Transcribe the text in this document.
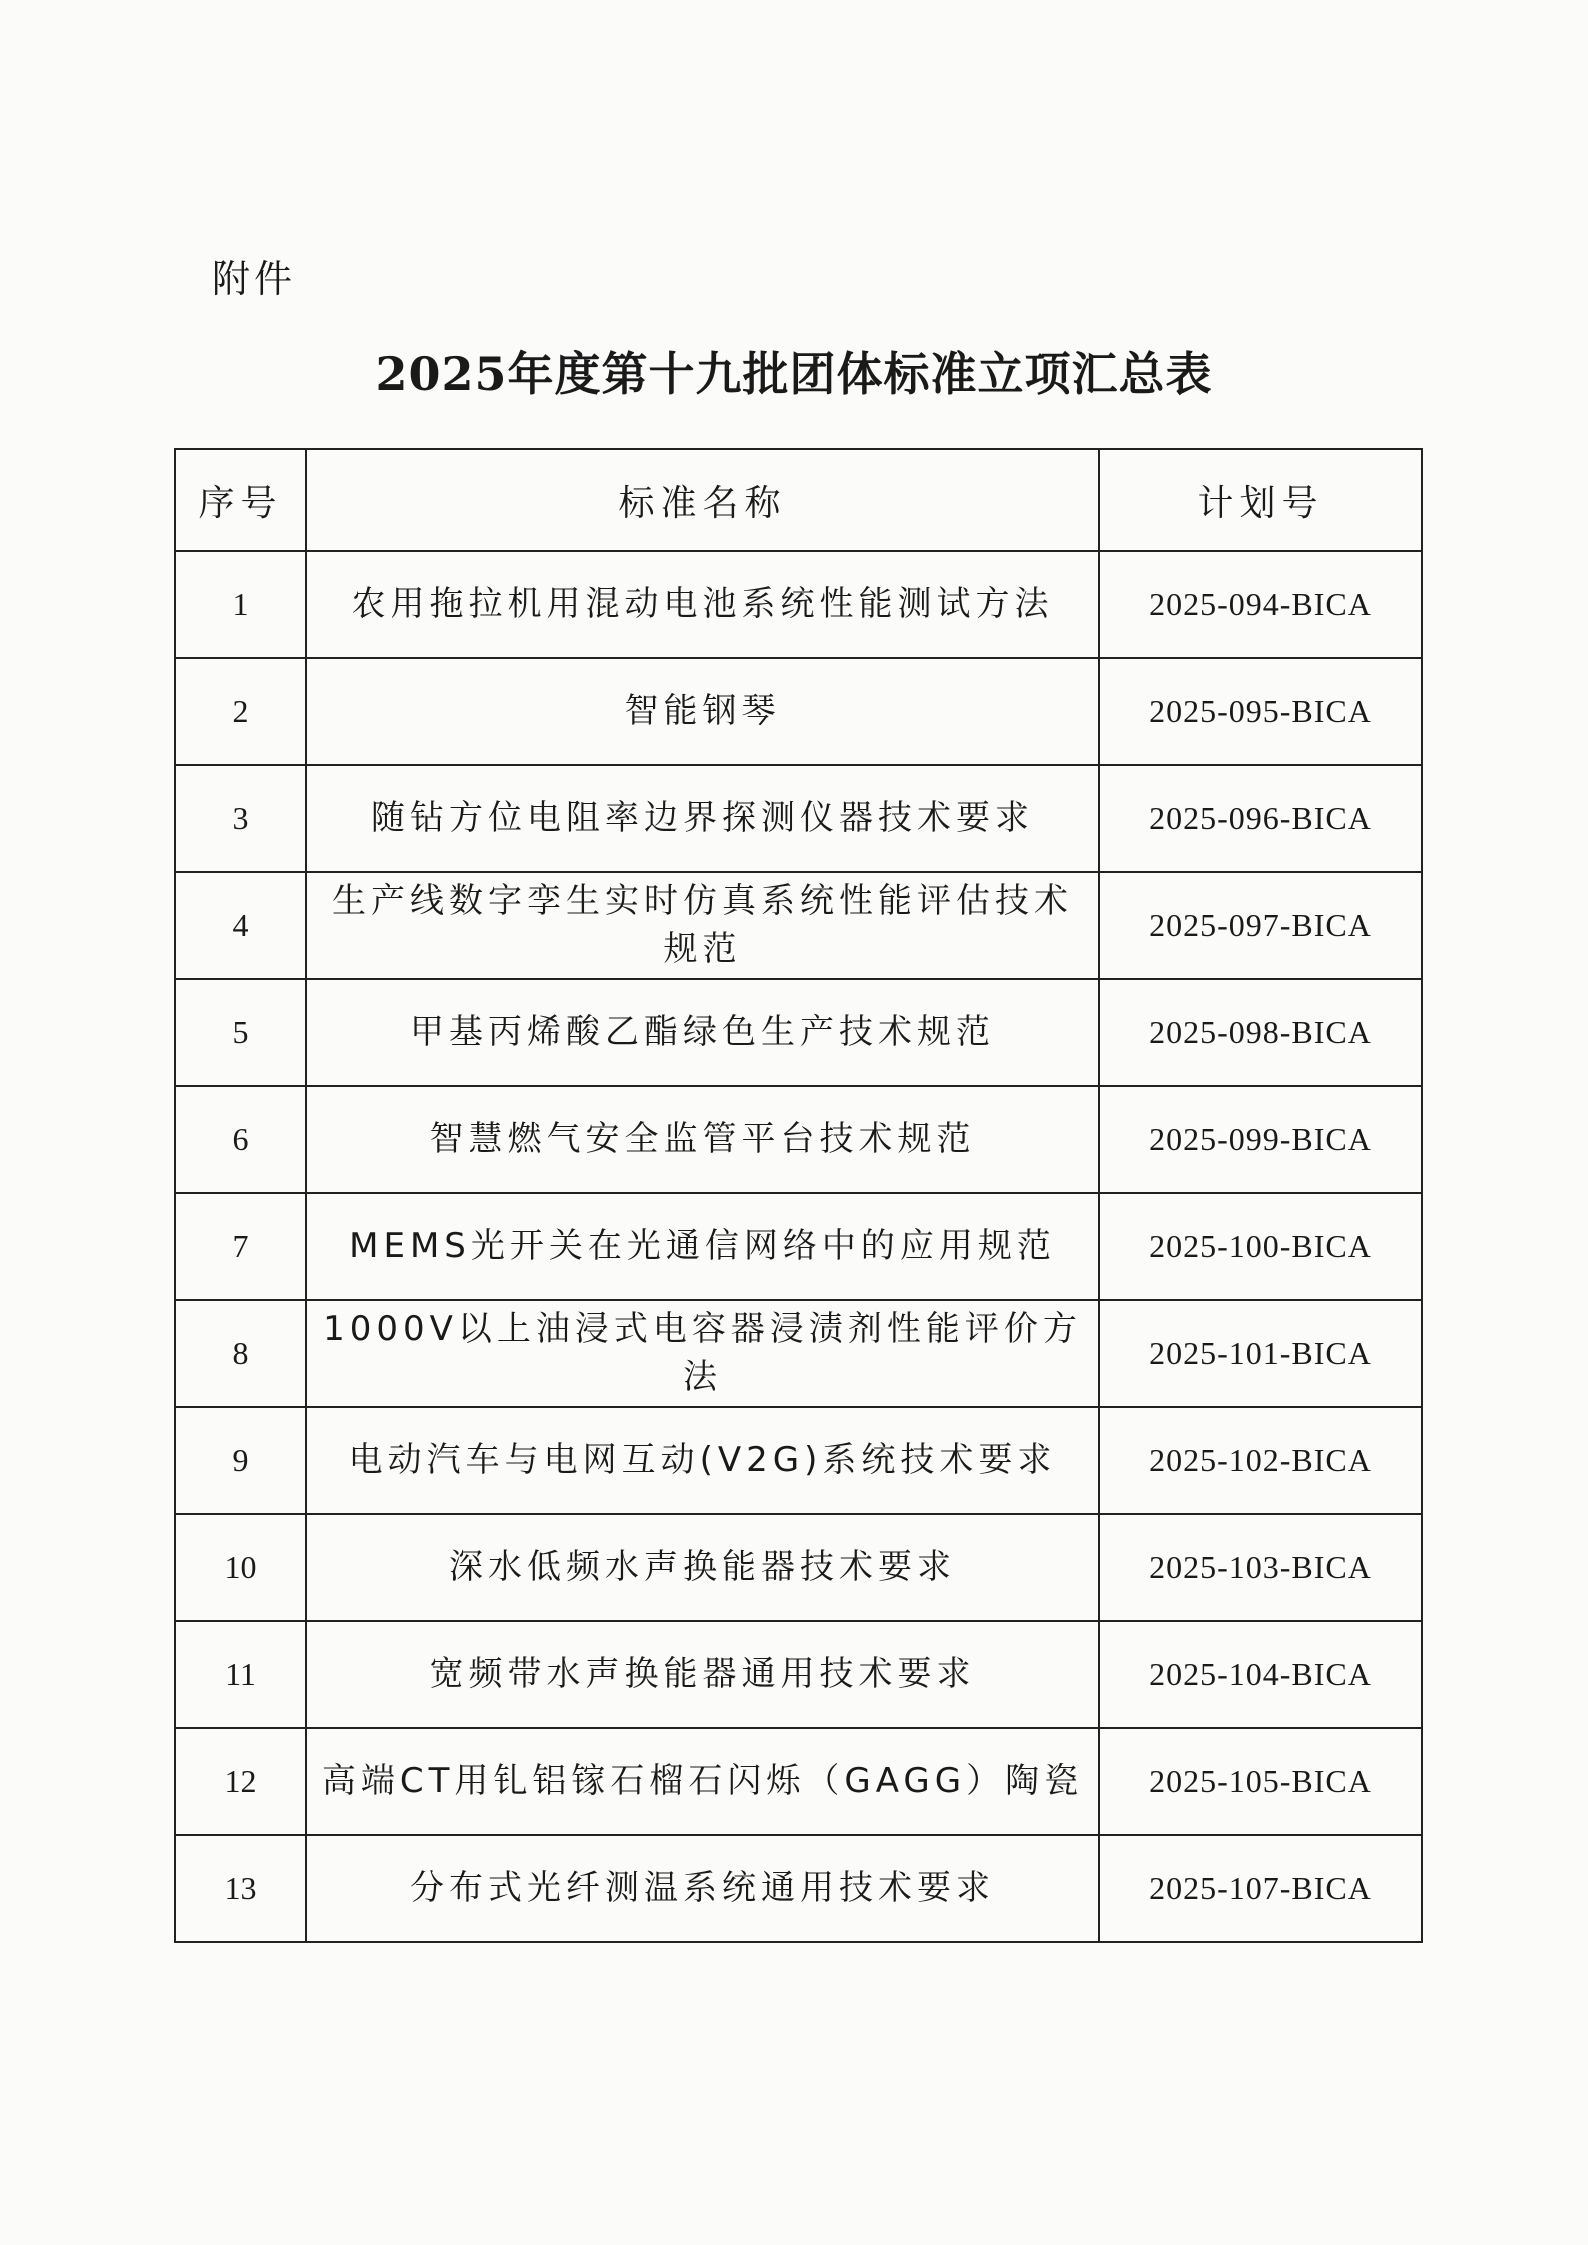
附件
2025年度第十九批团体标准立项汇总表
序号	标准名称	计划号
1	农用拖拉机用混动电池系统性能测试方法	2025-094-BICA
2	智能钢琴	2025-095-BICA
3	随钻方位电阻率边界探测仪器技术要求	2025-096-BICA
4	生产线数字孪生实时仿真系统性能评估技术规范	2025-097-BICA
5	甲基丙烯酸乙酯绿色生产技术规范	2025-098-BICA
6	智慧燃气安全监管平台技术规范	2025-099-BICA
7	MEMS光开关在光通信网络中的应用规范	2025-100-BICA
8	1000V以上油浸式电容器浸渍剂性能评价方法	2025-101-BICA
9	电动汽车与电网互动(V2G)系统技术要求	2025-102-BICA
10	深水低频水声换能器技术要求	2025-103-BICA
11	宽频带水声换能器通用技术要求	2025-104-BICA
12	高端CT用钆铝镓石榴石闪烁（GAGG）陶瓷	2025-105-BICA
13	分布式光纤测温系统通用技术要求	2025-107-BICA
